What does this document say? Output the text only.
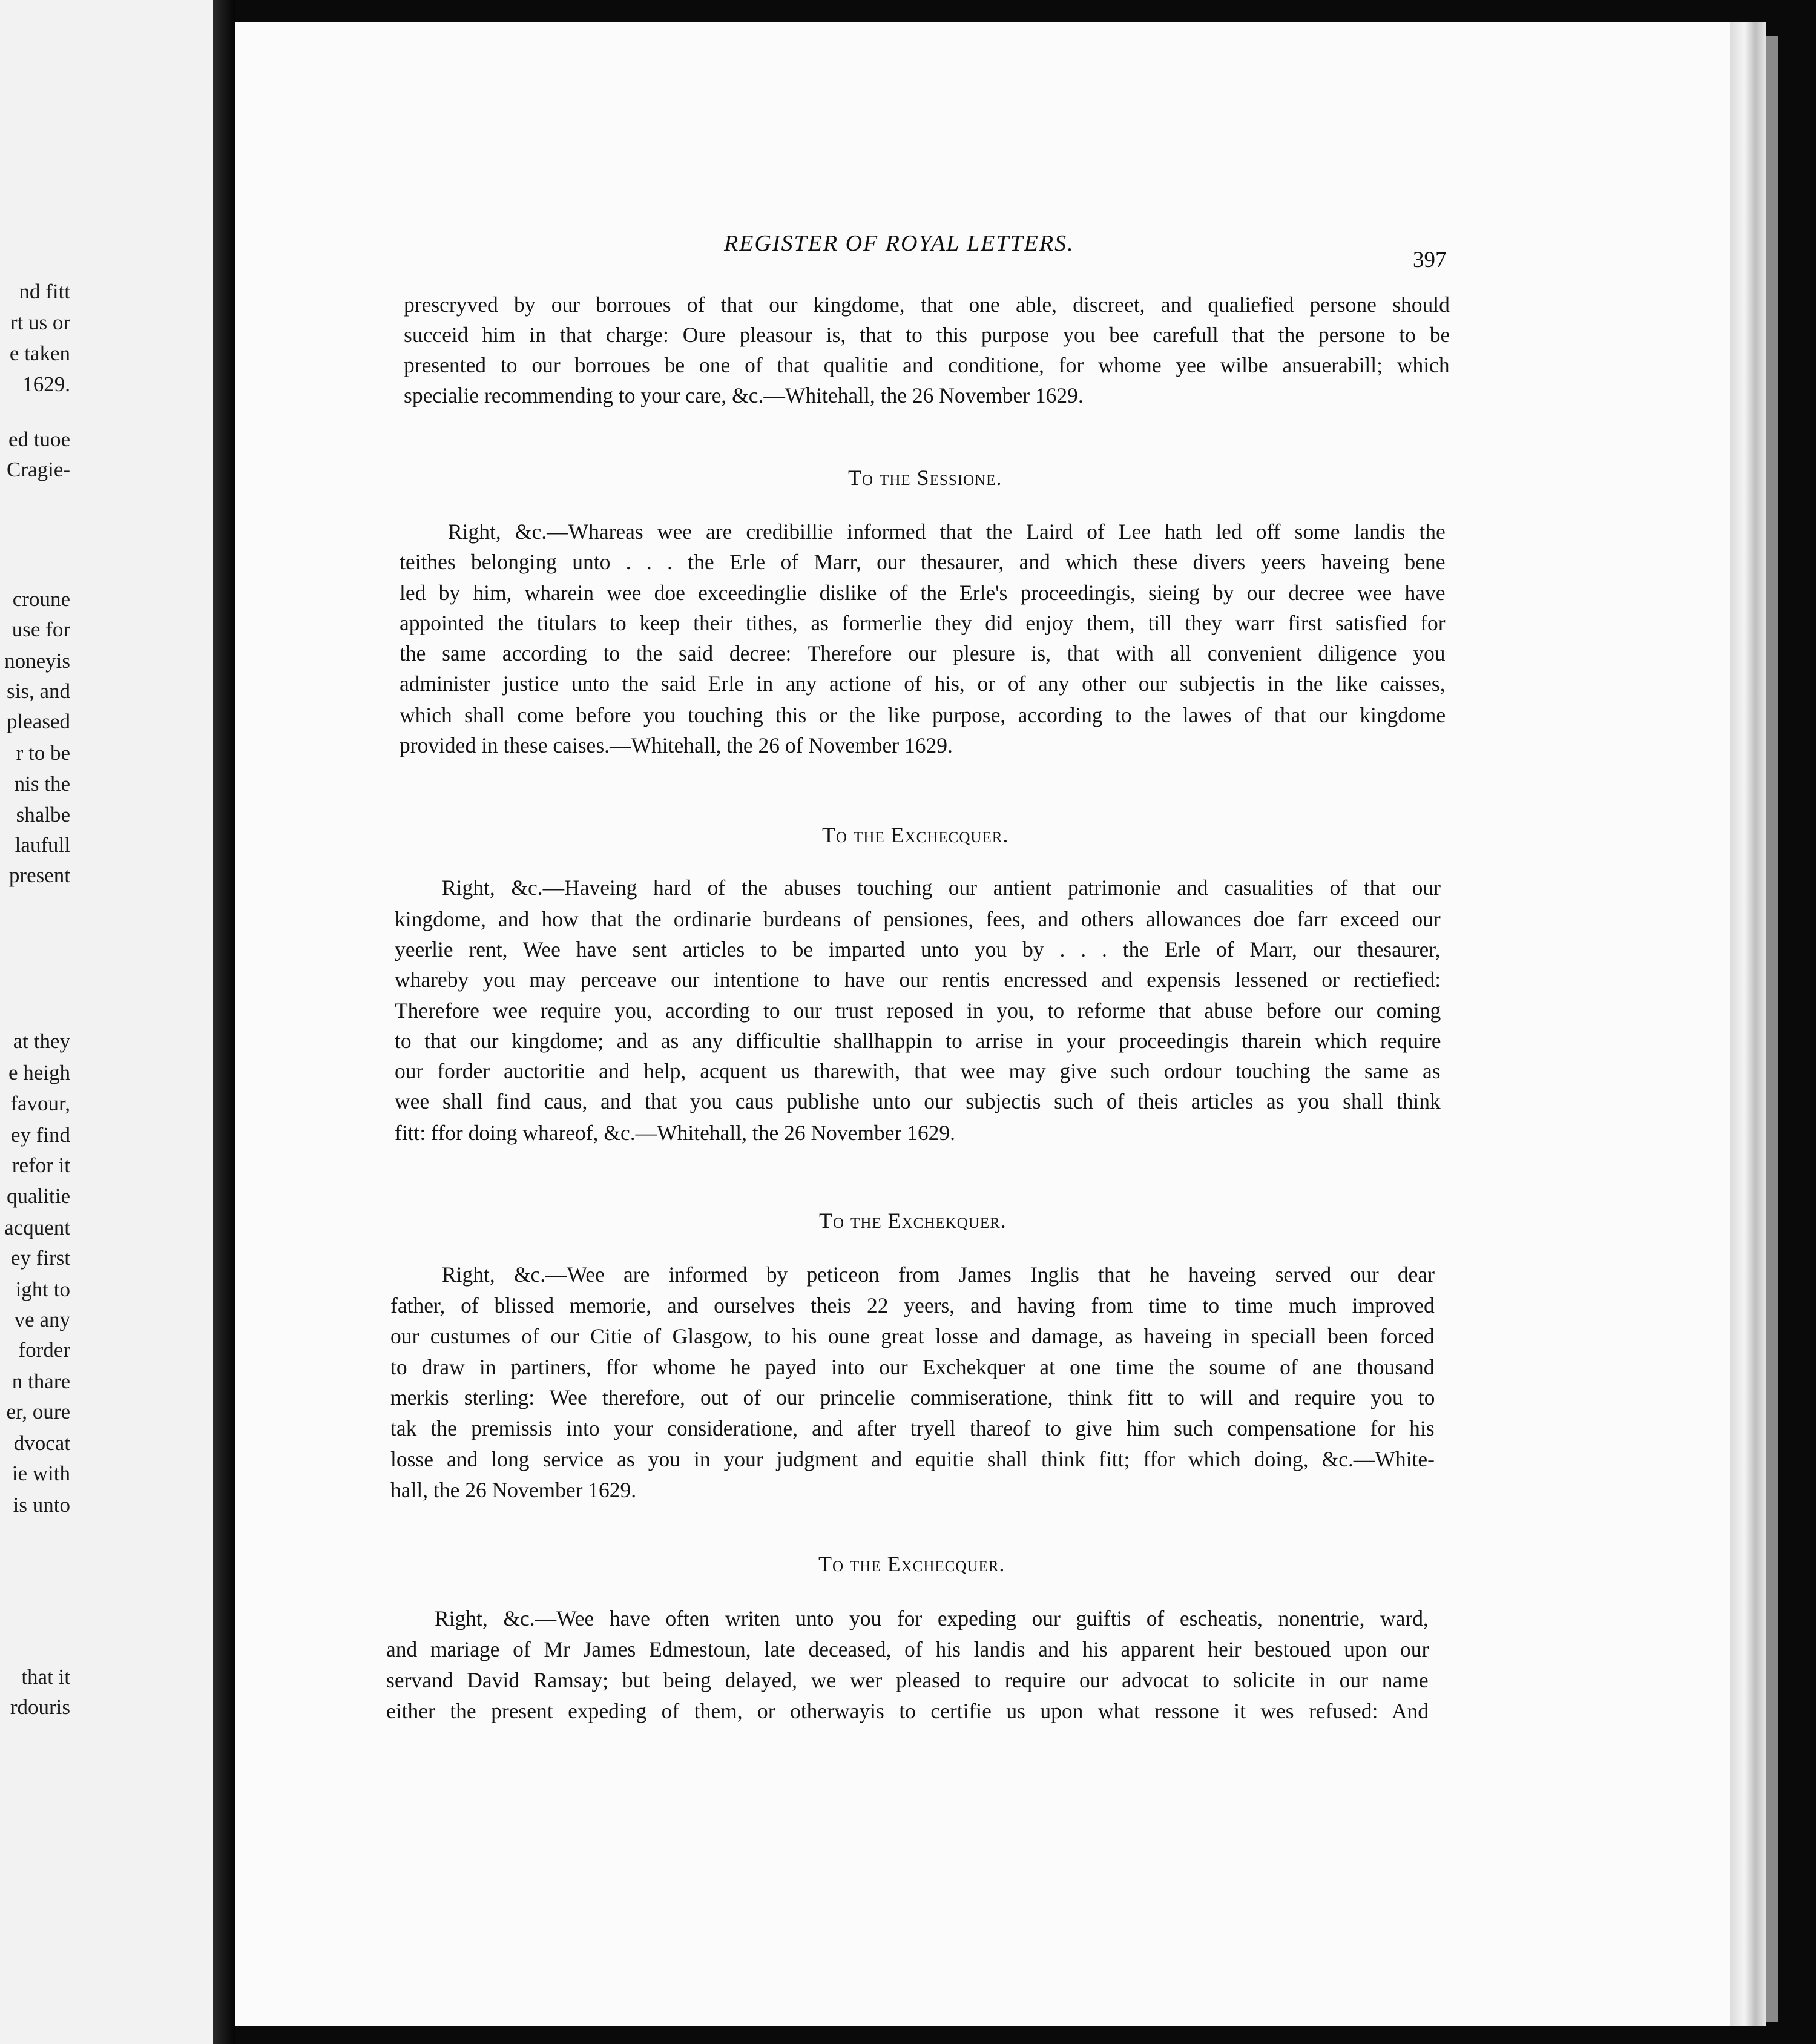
nd fitt
rt us or
e taken
1629.
ed tuoe
Cragie-
croune
use for
noneyis
sis, and
pleased
r to be
nis the
shalbe
laufull
present
at they
e heigh
favour,
ey find
refor it
qualitie
acquent
ey first
ight to
ve any
forder
n thare
er, oure
dvocat
ie with
is unto
that it
rdouris
REGISTER OF ROYAL LETTERS.
397
prescryved by our borroues of that our kingdome, that one able, discreet, and qualiefied persone should
succeid him in that charge: Oure pleasour is, that to this purpose you bee carefull that the persone to be
presented to our borroues be one of that qualitie and conditione, for whome yee wilbe ansuerabill; which
specialie recommending to your care, &c.—Whitehall, the 26 November 1629.
To the Sessione.
Right, &c.—Whareas wee are credibillie informed that the Laird of Lee hath led off some landis the
teithes belonging unto . . . the Erle of Marr, our thesaurer, and which these divers yeers haveing bene
led by him, wharein wee doe exceedinglie dislike of the Erle's proceedingis, sieing by our decree wee have
appointed the titulars to keep their tithes, as formerlie they did enjoy them, till they warr first satisfied for
the same according to the said decree: Therefore our plesure is, that with all convenient diligence you
administer justice unto the said Erle in any actione of his, or of any other our subjectis in the like caisses,
which shall come before you touching this or the like purpose, according to the lawes of that our kingdome
provided in these caises.—Whitehall, the 26 of November 1629.
To the Exchecquer.
Right, &c.—Haveing hard of the abuses touching our antient patrimonie and casualities of that our
kingdome, and how that the ordinarie burdeans of pensiones, fees, and others allowances doe farr exceed our
yeerlie rent, Wee have sent articles to be imparted unto you by . . . the Erle of Marr, our thesaurer,
whareby you may perceave our intentione to have our rentis encressed and expensis lessened or rectiefied:
Therefore wee require you, according to our trust reposed in you, to reforme that abuse before our coming
to that our kingdome; and as any difficultie shallhappin to arrise in your proceedingis tharein which require
our forder auctoritie and help, acquent us tharewith, that wee may give such ordour touching the same as
wee shall find caus, and that you caus publishe unto our subjectis such of theis articles as you shall think
fitt: ffor doing whareof, &c.—Whitehall, the 26 November 1629.
To the Exchekquer.
Right, &c.—Wee are informed by peticeon from James Inglis that he haveing served our dear
father, of blissed memorie, and ourselves theis 22 yeers, and having from time to time much improved
our custumes of our Citie of Glasgow, to his oune great losse and damage, as haveing in speciall been forced
to draw in partiners, ffor whome he payed into our Exchekquer at one time the soume of ane thousand
merkis sterling: Wee therefore, out of our princelie commiseratione, think fitt to will and require you to
tak the premissis into your consideratione, and after tryell thareof to give him such compensatione for his
losse and long service as you in your judgment and equitie shall think fitt; ffor which doing, &c.—White-
hall, the 26 November 1629.
To the Exchecquer.
Right, &c.—Wee have often writen unto you for expeding our guiftis of escheatis, nonentrie, ward,
and mariage of Mr James Edmestoun, late deceased, of his landis and his apparent heir bestoued upon our
servand David Ramsay; but being delayed, we wer pleased to require our advocat to solicite in our name
either the present expeding of them, or otherwayis to certifie us upon what ressone it wes refused: And
